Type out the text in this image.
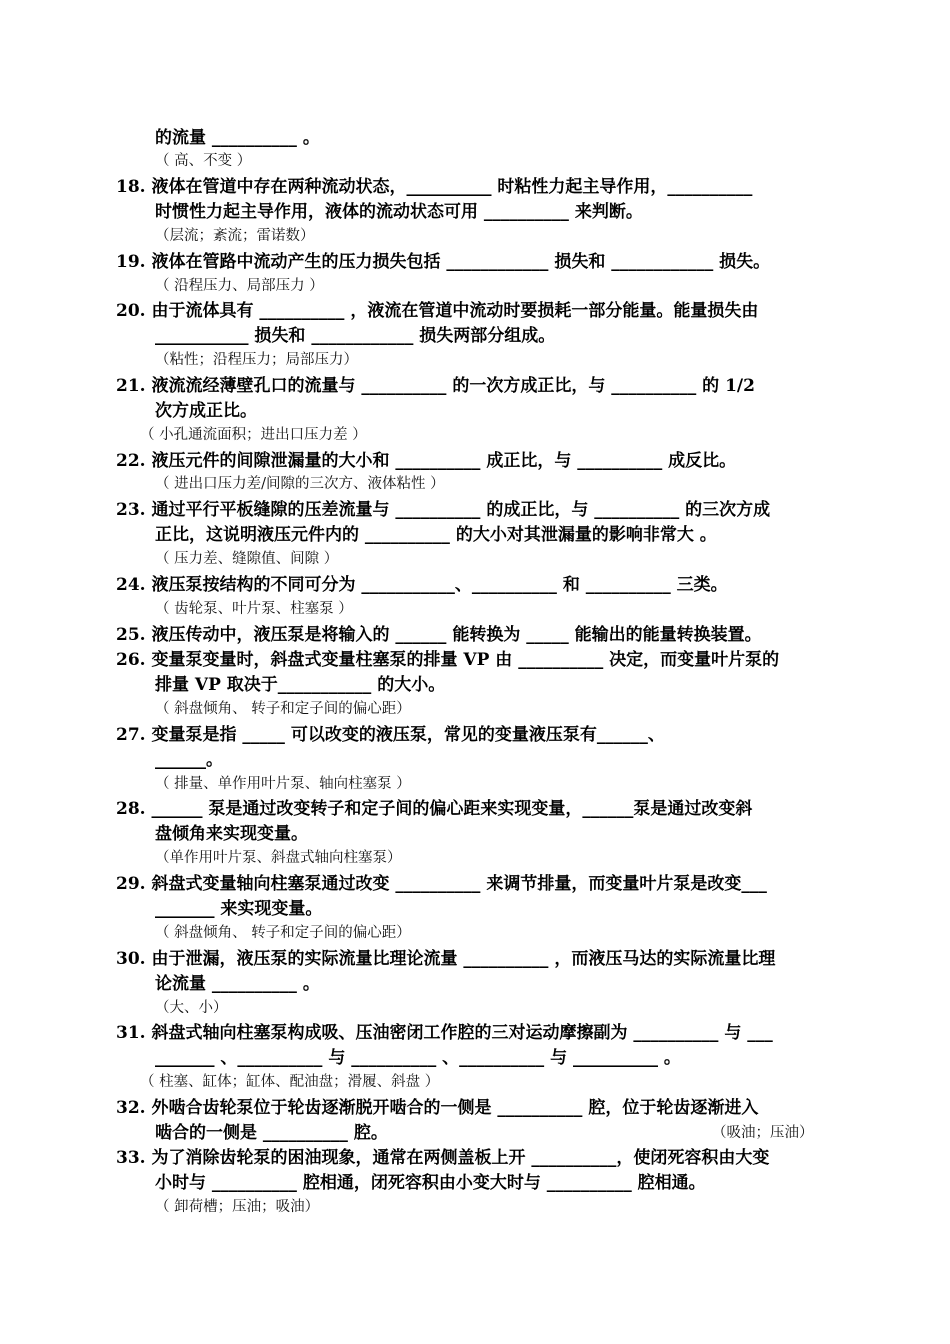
的流量 __________ 。
（ 高、不变 ）
18. 液体在管道中存在两种流动状态，__________ 时粘性力起主导作用，__________
时惯性力起主导作用，液体的流动状态可用 __________ 来判断。
（层流；紊流；雷诺数）
19. 液体在管路中流动产生的压力损失包括 ____________ 损失和 ____________ 损失。
（ 沿程压力、局部压力 ）
20. 由于流体具有 __________ ，液流在管道中流动时要损耗一部分能量。能量损失由
___________ 损失和 ____________ 损失两部分组成。
（粘性；沿程压力；局部压力）
21. 液流流经薄壁孔口的流量与 __________ 的一次方成正比，与 __________ 的 1/2
次方成正比。
（ 小孔通流面积；进出口压力差 ）
22. 液压元件的间隙泄漏量的大小和 __________ 成正比，与 __________ 成反比。
（ 进出口压力差/间隙的三次方、液体粘性 ）
23. 通过平行平板缝隙的压差流量与 __________ 的成正比，与 __________ 的三次方成
正比，这说明液压元件内的 __________ 的大小对其泄漏量的影响非常大 。
（ 压力差、缝隙值、间隙 ）
24. 液压泵按结构的不同可分为 ___________、__________ 和 __________ 三类。
（ 齿轮泵、叶片泵、柱塞泵 ）
25. 液压传动中，液压泵是将输入的 ______ 能转换为 _____ 能输出的能量转换装置。
26. 变量泵变量时，斜盘式变量柱塞泵的排量 VP 由 __________ 决定，而变量叶片泵的
排量 VP 取决于___________ 的大小。
（ 斜盘倾角、 转子和定子间的偏心距）
27. 变量泵是指 _____ 可以改变的液压泵，常见的变量液压泵有______、
______。
（ 排量、单作用叶片泵、轴向柱塞泵 ）
28. ______ 泵是通过改变转子和定子间的偏心距来实现变量，______泵是通过改变斜
盘倾角来实现变量。
（单作用叶片泵、斜盘式轴向柱塞泵）
29. 斜盘式变量轴向柱塞泵通过改变 __________ 来调节排量，而变量叶片泵是改变___
_______ 来实现变量。
（ 斜盘倾角、 转子和定子间的偏心距）
30. 由于泄漏，液压泵的实际流量比理论流量 __________ ，而液压马达的实际流量比理
论流量 __________ 。
（大、小）
31. 斜盘式轴向柱塞泵构成吸、压油密闭工作腔的三对运动摩擦副为 __________ 与 ___
_______ 、__________ 与 __________ 、__________ 与 __________ 。
（ 柱塞、缸体；缸体、配油盘；滑履、斜盘 ）
32. 外啮合齿轮泵位于轮齿逐渐脱开啮合的一侧是 __________ 腔，位于轮齿逐渐进入
啮合的一侧是 __________ 腔。	（吸油；压油）
33. 为了消除齿轮泵的困油现象，通常在两侧盖板上开 __________，使闭死容积由大变
小时与 __________ 腔相通，闭死容积由小变大时与 __________ 腔相通。
（ 卸荷槽；压油；吸油）
